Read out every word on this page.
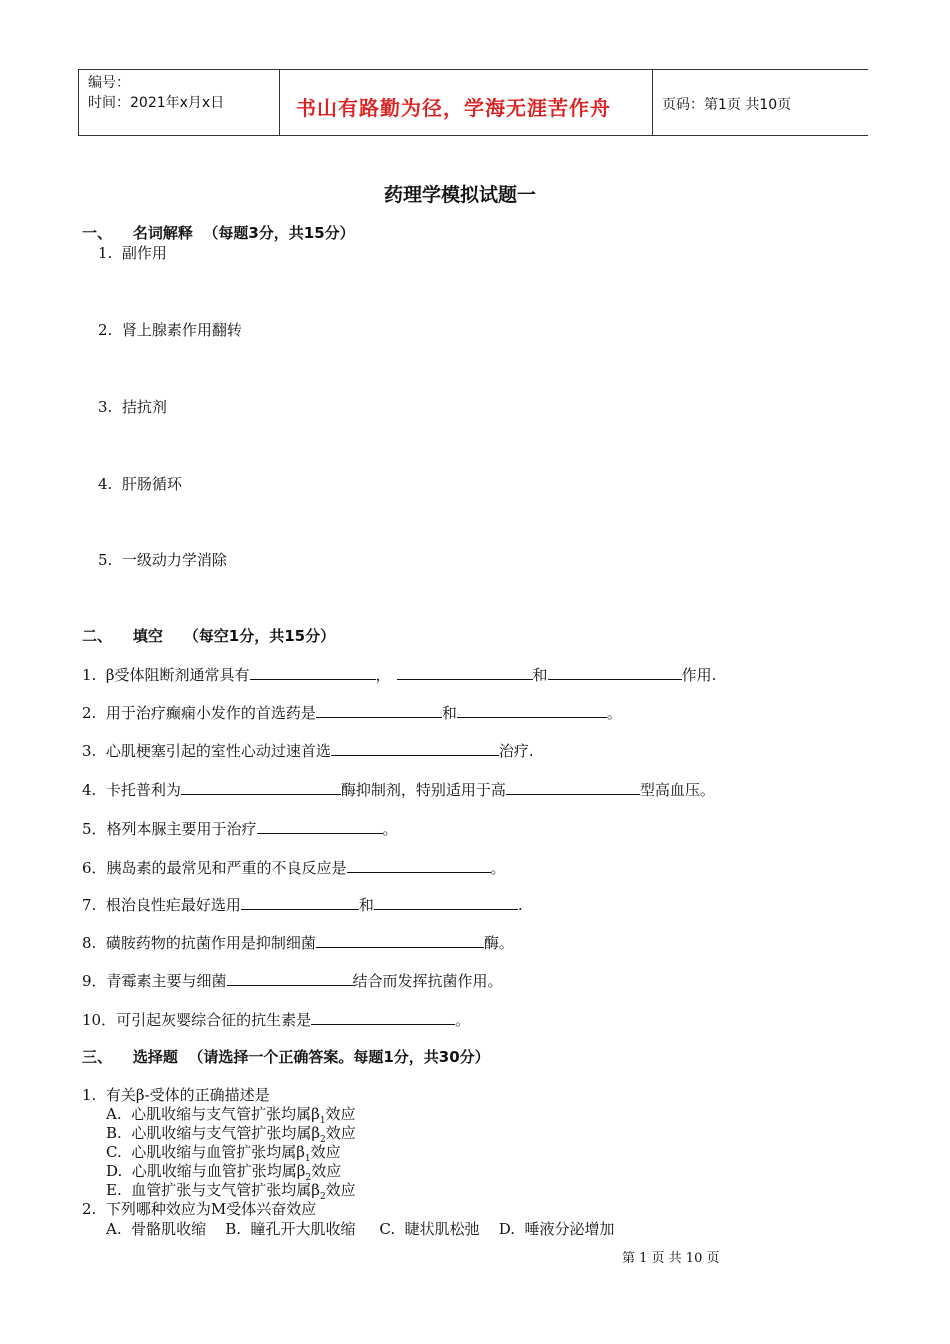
编号：
时间：2021年x月x日	书山有路勤为径，学海无涯苦作舟	页码：第1页 共10页
药理学模拟试题一
一、    名词解释  （每题3分，共15分）
1.  副作用
2.  肾上腺素作用翻转
3.  拮抗剂
4.  肝肠循环
5.  一级动力学消除
二、    填空    （每空1分，共15分）
1.  β受体阻断剂通常具有	，	和	作用.
2.  用于治疗癫痫小发作的首选药是	和	。
3.  心肌梗塞引起的室性心动过速首选	治疗.
4.  卡托普利为	酶抑制剂，特别适用于高	型高血压。
5．格列本脲主要用于治疗	。
6．胰岛素的最常见和严重的不良反应是	。
7.  根治良性疟最好选用	和	.
8.  磺胺药物的抗菌作用是抑制细菌	酶。
9．青霉素主要与细菌	结合而发挥抗菌作用。
10．可引起灰婴综合征的抗生素是	。
三、    选择题  （请选择一个正确答案。每题1分，共30分）
1.  有关β-受体的正确描述是
A.  心肌收缩与支气管扩张均属$\beta_1$效应
B.  心肌收缩与支气管扩张均属$\beta_2$效应
C.  心肌收缩与血管扩张均属$\beta_1$效应
D.  心肌收缩与血管扩张均属$\beta_2$效应
E.  血管扩张与支气管扩张均属$\beta_2$效应
2.  下列哪种效应为M受体兴奋效应
A.  骨骼肌收缩    B.  瞳孔开大肌收缩     C.  睫状肌松弛    D.  唾液分泌增加
第 1 页 共 10 页
